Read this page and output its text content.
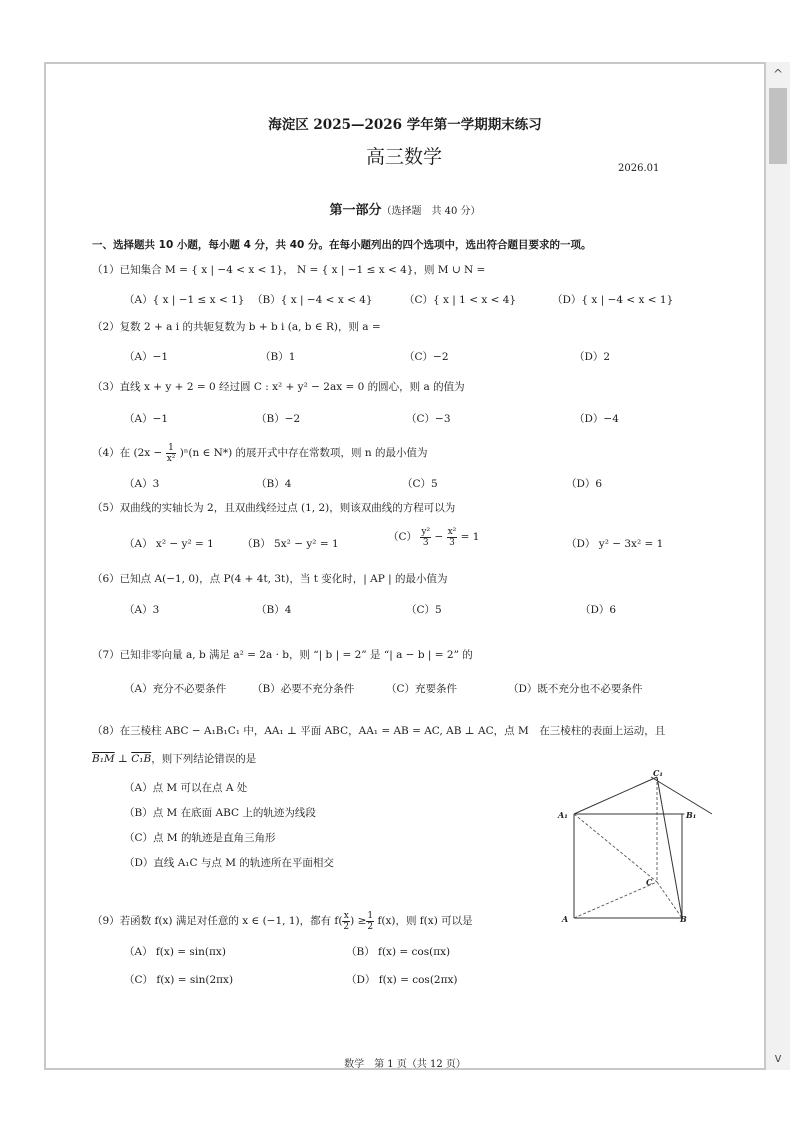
海淀区 2025—2026 学年第一学期期末练习
高三数学
2026.01
第一部分（选择题　共 40 分）
一、选择题共 10 小题，每小题 4 分，共 40 分。在每小题列出的四个选项中，选出符合题目要求的一项。
（1）已知集合 M = { x | −4 < x < 1}， N = { x | −1 ≤ x < 4}，则 M ∪ N =
（A）{ x | −1 ≤ x < 1} （B）{ x | −4 < x < 4}	（C）{ x | 1 < x < 4}	（D）{ x | −4 < x < 1}
（2）复数 2 + a i 的共轭复数为 b + b i (a, b ∈ R)，则 a =
（A）−1	（B）1	（C）−2	（D）2
（3）直线 x + y + 2 = 0 经过圆 C : x² + y² − 2ax = 0 的圆心，则 a 的值为
（A）−1	（B）−2	（C）−3	（D）−4
（4）在 $(2x - \frac{1}{\text{x²}} )^n(n$ ∈ N*) 的展开式中存在常数项，则 n 的最小值为
（A）3	（B）4	（C）5	（D）6
（5）双曲线的实轴长为 2，且双曲线经过点 (1, 2)，则该双曲线的方程可以为
（A） x² − y² = 1	（B） 5x² − y² = 1
$(C) \frac{\text{y²}}{3} - \frac{\text{x²}}{3} = 1$
（D） y² − 3x² = 1
（6）已知点 A(−1, 0)，点 P(4 + 4t, 3t)，当 t 变化时，| AP | 的最小值为
（A）3	（B）4	（C）5	（D）6
（7）已知非零向量 a, b 满足 a² = 2a · b，则 “| b | = 2” 是 “| a − b | = 2” 的
（A）充分不必要条件 （B）必要不充分条件	（C）充要条件	（D）既不充分也不必要条件
（8）在三棱柱 ABC − A₁B₁C₁ 中，AA₁ ⊥ 平面 ABC，AA₁ = AB = AC, AB ⊥ AC，点 M　在三棱柱的表面上运动，且
B₁M ⊥ C₁B，则下列结论错误的是
（A）点 M 可以在点 A 处
（B）点 M 在底面 ABC 上的轨迹为线段
（C）点 M 的轨迹是直角三角形
（D）直线 A₁C 与点 M 的轨迹所在平面相交
C₁
A₁	B₁
C
A	B
（9）若函数 f(x) 满足对任意的 x ∈ (−1, 1)，都有 $f( \frac{x}{2}$ ) ≥ $\frac{1}{2} f(x)$，则 f(x) 可以是
（A） f(x) = sin(πx)	（B） f(x) = cos(πx)
（C） f(x) = sin(2πx)	（D） f(x) = cos(2πx)
数学　第 1 页（共 12 页）
^
v
